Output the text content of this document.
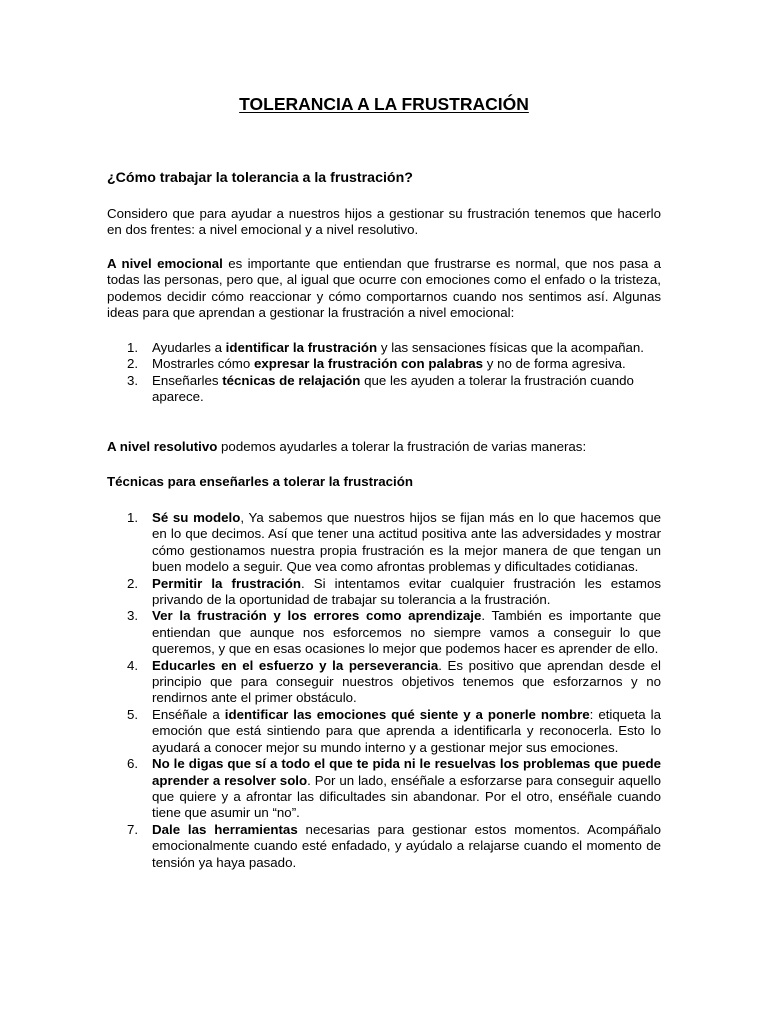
TOLERANCIA A LA FRUSTRACIÓN

¿Cómo trabajar la tolerancia a la frustración?

Considero que para ayudar a nuestros hijos a gestionar su frustración tenemos que hacerlo en dos frentes: a nivel emocional y a nivel resolutivo.

A nivel emocional es importante que entiendan que frustrarse es normal, que nos pasa a todas las personas, pero que, al igual que ocurre con emociones como el enfado o la tristeza, podemos decidir cómo reaccionar y cómo comportarnos cuando nos sentimos así. Algunas ideas para que aprendan a gestionar la frustración a nivel emocional:

1. Ayudarles a identificar la frustración y las sensaciones físicas que la acompañan.
2. Mostrarles cómo expresar la frustración con palabras y no de forma agresiva.
3. Enseñarles técnicas de relajación que les ayuden a tolerar la frustración cuando aparece.

A nivel resolutivo podemos ayudarles a tolerar la frustración de varias maneras:

Técnicas para enseñarles a tolerar la frustración

1. Sé su modelo, Ya sabemos que nuestros hijos se fijan más en lo que hacemos que en lo que decimos. Así que tener una actitud positiva ante las adversidades y mostrar cómo gestionamos nuestra propia frustración es la mejor manera de que tengan un buen modelo a seguir. Que vea como afrontas problemas y dificultades cotidianas.
2. Permitir la frustración. Si intentamos evitar cualquier frustración les estamos privando de la oportunidad de trabajar su tolerancia a la frustración.
3. Ver la frustración y los errores como aprendizaje. También es importante que entiendan que aunque nos esforcemos no siempre vamos a conseguir lo que queremos, y que en esas ocasiones lo mejor que podemos hacer es aprender de ello.
4. Educarles en el esfuerzo y la perseverancia. Es positivo que aprendan desde el principio que para conseguir nuestros objetivos tenemos que esforzarnos y no rendirnos ante el primer obstáculo.
5. Enséñale a identificar las emociones qué siente y a ponerle nombre: etiqueta la emoción que está sintiendo para que aprenda a identificarla y reconocerla. Esto lo ayudará a conocer mejor su mundo interno y a gestionar mejor sus emociones.
6. No le digas que sí a todo el que te pida ni le resuelvas los problemas que puede aprender a resolver solo. Por un lado, enséñale a esforzarse para conseguir aquello que quiere y a afrontar las dificultades sin abandonar. Por el otro, enséñale cuando tiene que asumir un “no”.
7. Dale las herramientas necesarias para gestionar estos momentos. Acompáñalo emocionalmente cuando esté enfadado, y ayúdalo a relajarse cuando el momento de tensión ya haya pasado.
